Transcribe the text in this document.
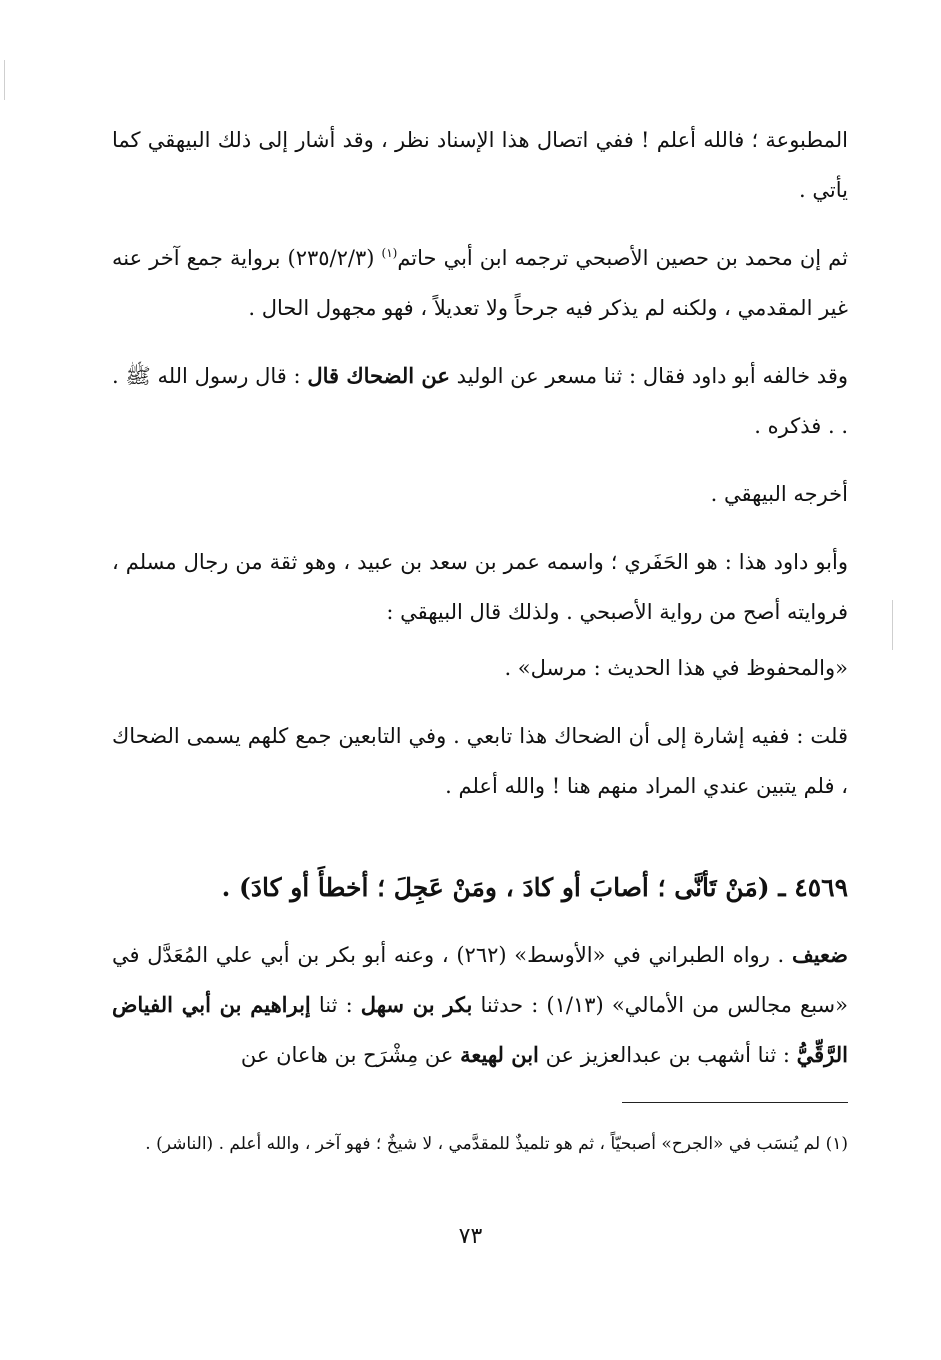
المطبوعة ؛ فالله أعلم ! ففي اتصال هذا الإسناد نظر ، وقد أشار إلى ذلك البيهقي كما يأتي .

ثم إن محمد بن حصين الأصبحي ترجمه ابن أبي حاتم$^{(١)}$ (٢٣٥/٢/٣) برواية جمع آخر عنه غير المقدمي ، ولكنه لم يذكر فيه جرحاً ولا تعديلاً ، فهو مجهول الحال .

وقد خالفه أبو داود فقال : ثنا مسعر عن الوليد عن الضحاك قال : قال رسول الله ﷺ . . . فذكره .

أخرجه البيهقي .

وأبو داود هذا : هو الحَفَري ؛ واسمه عمر بن سعد بن عبيد ، وهو ثقة من رجال مسلم ، فروايته أصح من رواية الأصبحي . ولذلك قال البيهقي :

«والمحفوظ في هذا الحديث : مرسل» .

قلت : ففيه إشارة إلى أن الضحاك هذا تابعي . وفي التابعين جمع كلهم يسمى الضحاك ، فلم يتبين عندي المراد منهم هنا ! والله أعلم .

٤٥٦٩ ـ (مَنْ تَأنَّى ؛ أصابَ أو كادَ ، ومَنْ عَجِلَ ؛ أخطأَ أو كادَ) .

ضعيف . رواه الطبراني في «الأوسط» (٢٦٢) ، وعنه أبو بكر بن أبي علي المُعَدَّل في «سبع مجالس من الأمالي» (١/١٣) : حدثنا بكر بن سهل : ثنا إبراهيم بن أبي الفياض الرَّقِّيُّ : ثنا أشهب بن عبدالعزيز عن ابن لهيعة عن مِشْرَح بن هاعان عن

(١) لم يُنسَب في «الجرح» أصبحيّاً ، ثم هو تلميذٌ للمقدَّمي ، لا شيخٌ ؛ فهو آخر ، والله أعلم . (الناشر) .
٧٣
